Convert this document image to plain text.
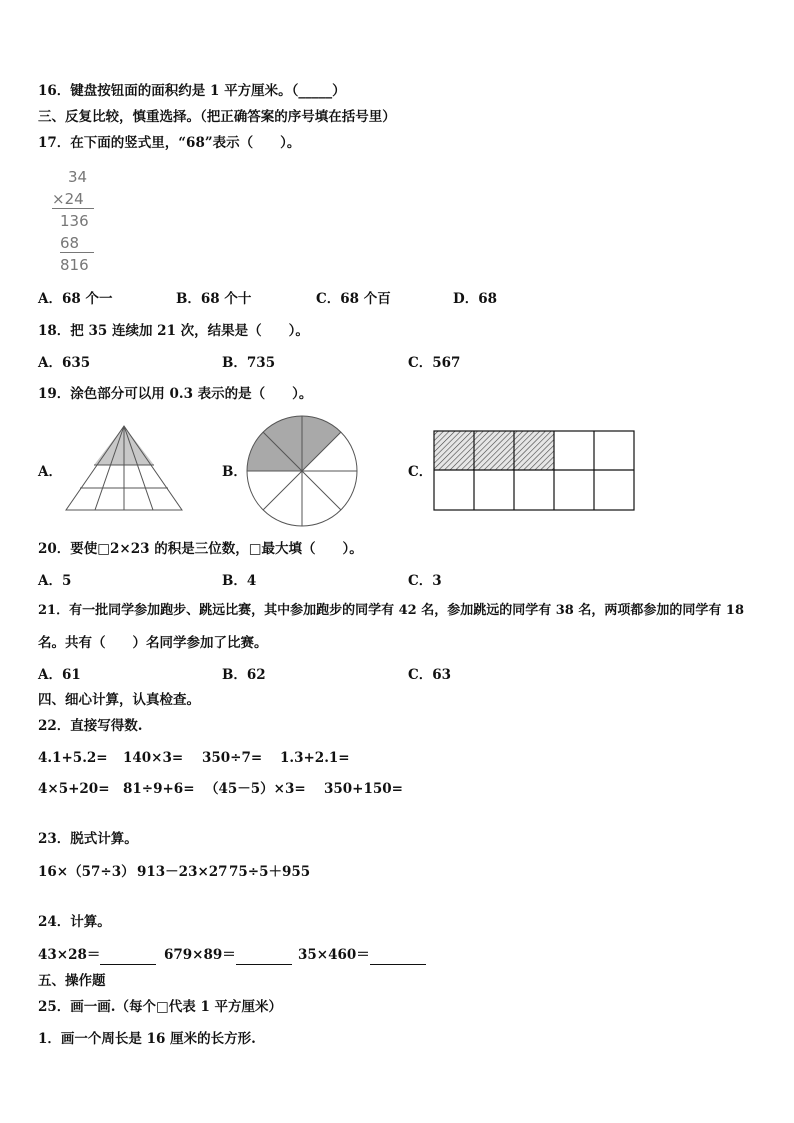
16．键盘按钮面的面积约是 1 平方厘米。（_____）
三、反复比较，慎重选择。（把正确答案的序号填在括号里）
17．在下面的竖式里，“68”表示（　　）。
34
×24
136
68
816
A．68 个一	B．68 个十	C．68 个百	D．68
18．把 35 连续加 21 次，结果是（　　）。
A．635	B．735	C．567
19．涂色部分可以用 0.3 表示的是（　　）。
A．	B．	C．
20．要使□2×23 的积是三位数，□最大填（　　）。
A．5	B．4	C．3
21．有一批同学参加跑步、跳远比赛，其中参加跑步的同学有 42 名，参加跳远的同学有 38 名，两项都参加的同学有 18
名。共有（　　）名同学参加了比赛。
A．61	B．62	C．63
四、细心计算，认真检查。
22．直接写得数.
4.1+5.2= 140×3= 350÷7= 1.3+2.1=
4×5+20= 81÷9+6= （45－5）×3= 350+150=
23．脱式计算。
16×（57÷3） 913－23×27 75÷5＋955
24．计算。
43×28＝	679×89＝	35×460＝
五、操作题
25．画一画.（每个□代表 1 平方厘米）
1．画一个周长是 16 厘米的长方形.
